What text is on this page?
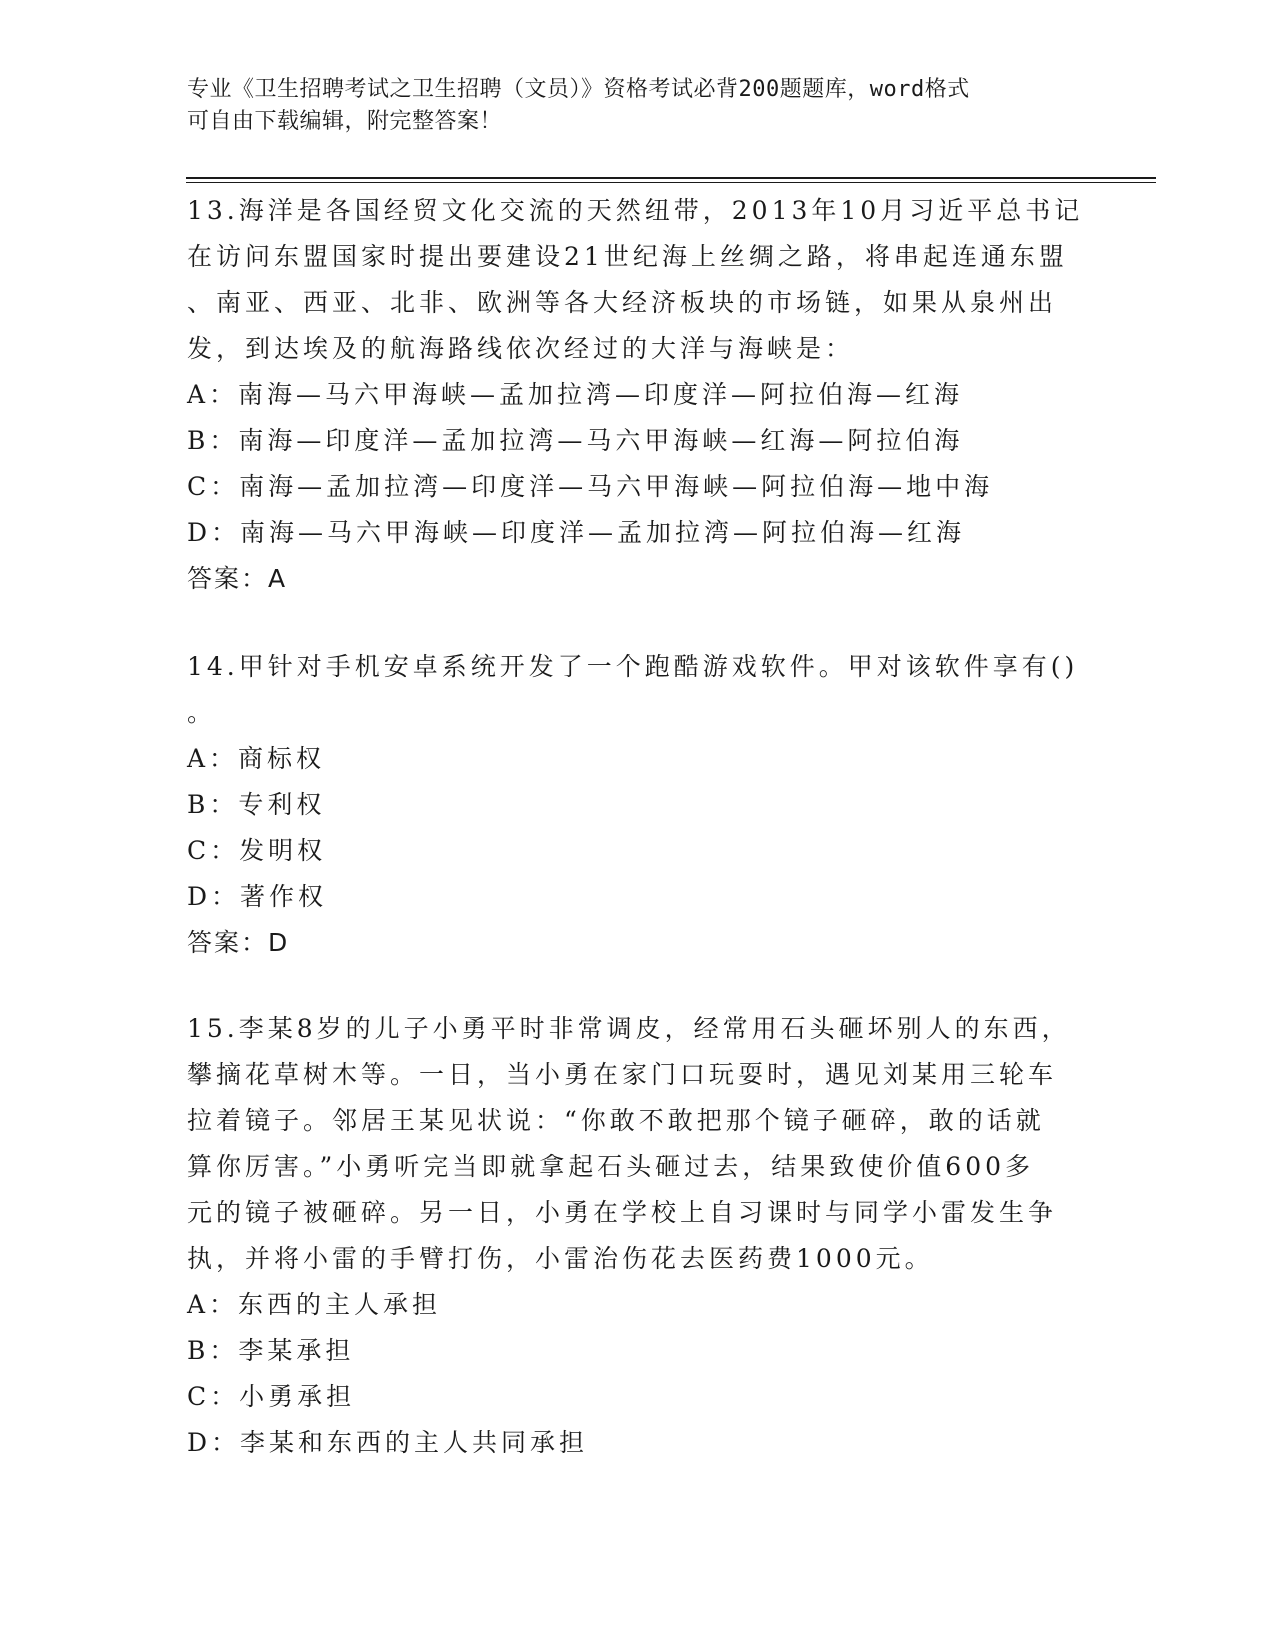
专业《卫生招聘考试之卫生招聘（文员）》资格考试必背200题题库，word格式
可自由下载编辑，附完整答案！
13.海洋是各国经贸文化交流的天然纽带，2013年10月习近平总书记
在访问东盟国家时提出要建设21世纪海上丝绸之路，将串起连通东盟
、南亚、西亚、北非、欧洲等各大经济板块的市场链，如果从泉州出
发，到达埃及的航海路线依次经过的大洋与海峡是：
A：南海—马六甲海峡—孟加拉湾—印度洋—阿拉伯海—红海
B：南海—印度洋—孟加拉湾—马六甲海峡—红海—阿拉伯海
C：南海—孟加拉湾—印度洋—马六甲海峡—阿拉伯海—地中海
D：南海—马六甲海峡—印度洋—孟加拉湾—阿拉伯海—红海
答案：A
14.甲针对手机安卓系统开发了一个跑酷游戏软件。甲对该软件享有()
。
A：商标权
B：专利权
C：发明权
D：著作权
答案：D
15.李某8岁的儿子小勇平时非常调皮，经常用石头砸坏别人的东西，
攀摘花草树木等。一日，当小勇在家门口玩耍时，遇见刘某用三轮车
拉着镜子。邻居王某见状说：“你敢不敢把那个镜子砸碎，敢的话就
算你厉害。”小勇听完当即就拿起石头砸过去，结果致使价值600多
元的镜子被砸碎。另一日，小勇在学校上自习课时与同学小雷发生争
执，并将小雷的手臂打伤，小雷治伤花去医药费1000元。
A：东西的主人承担
B：李某承担
C：小勇承担
D：李某和东西的主人共同承担
